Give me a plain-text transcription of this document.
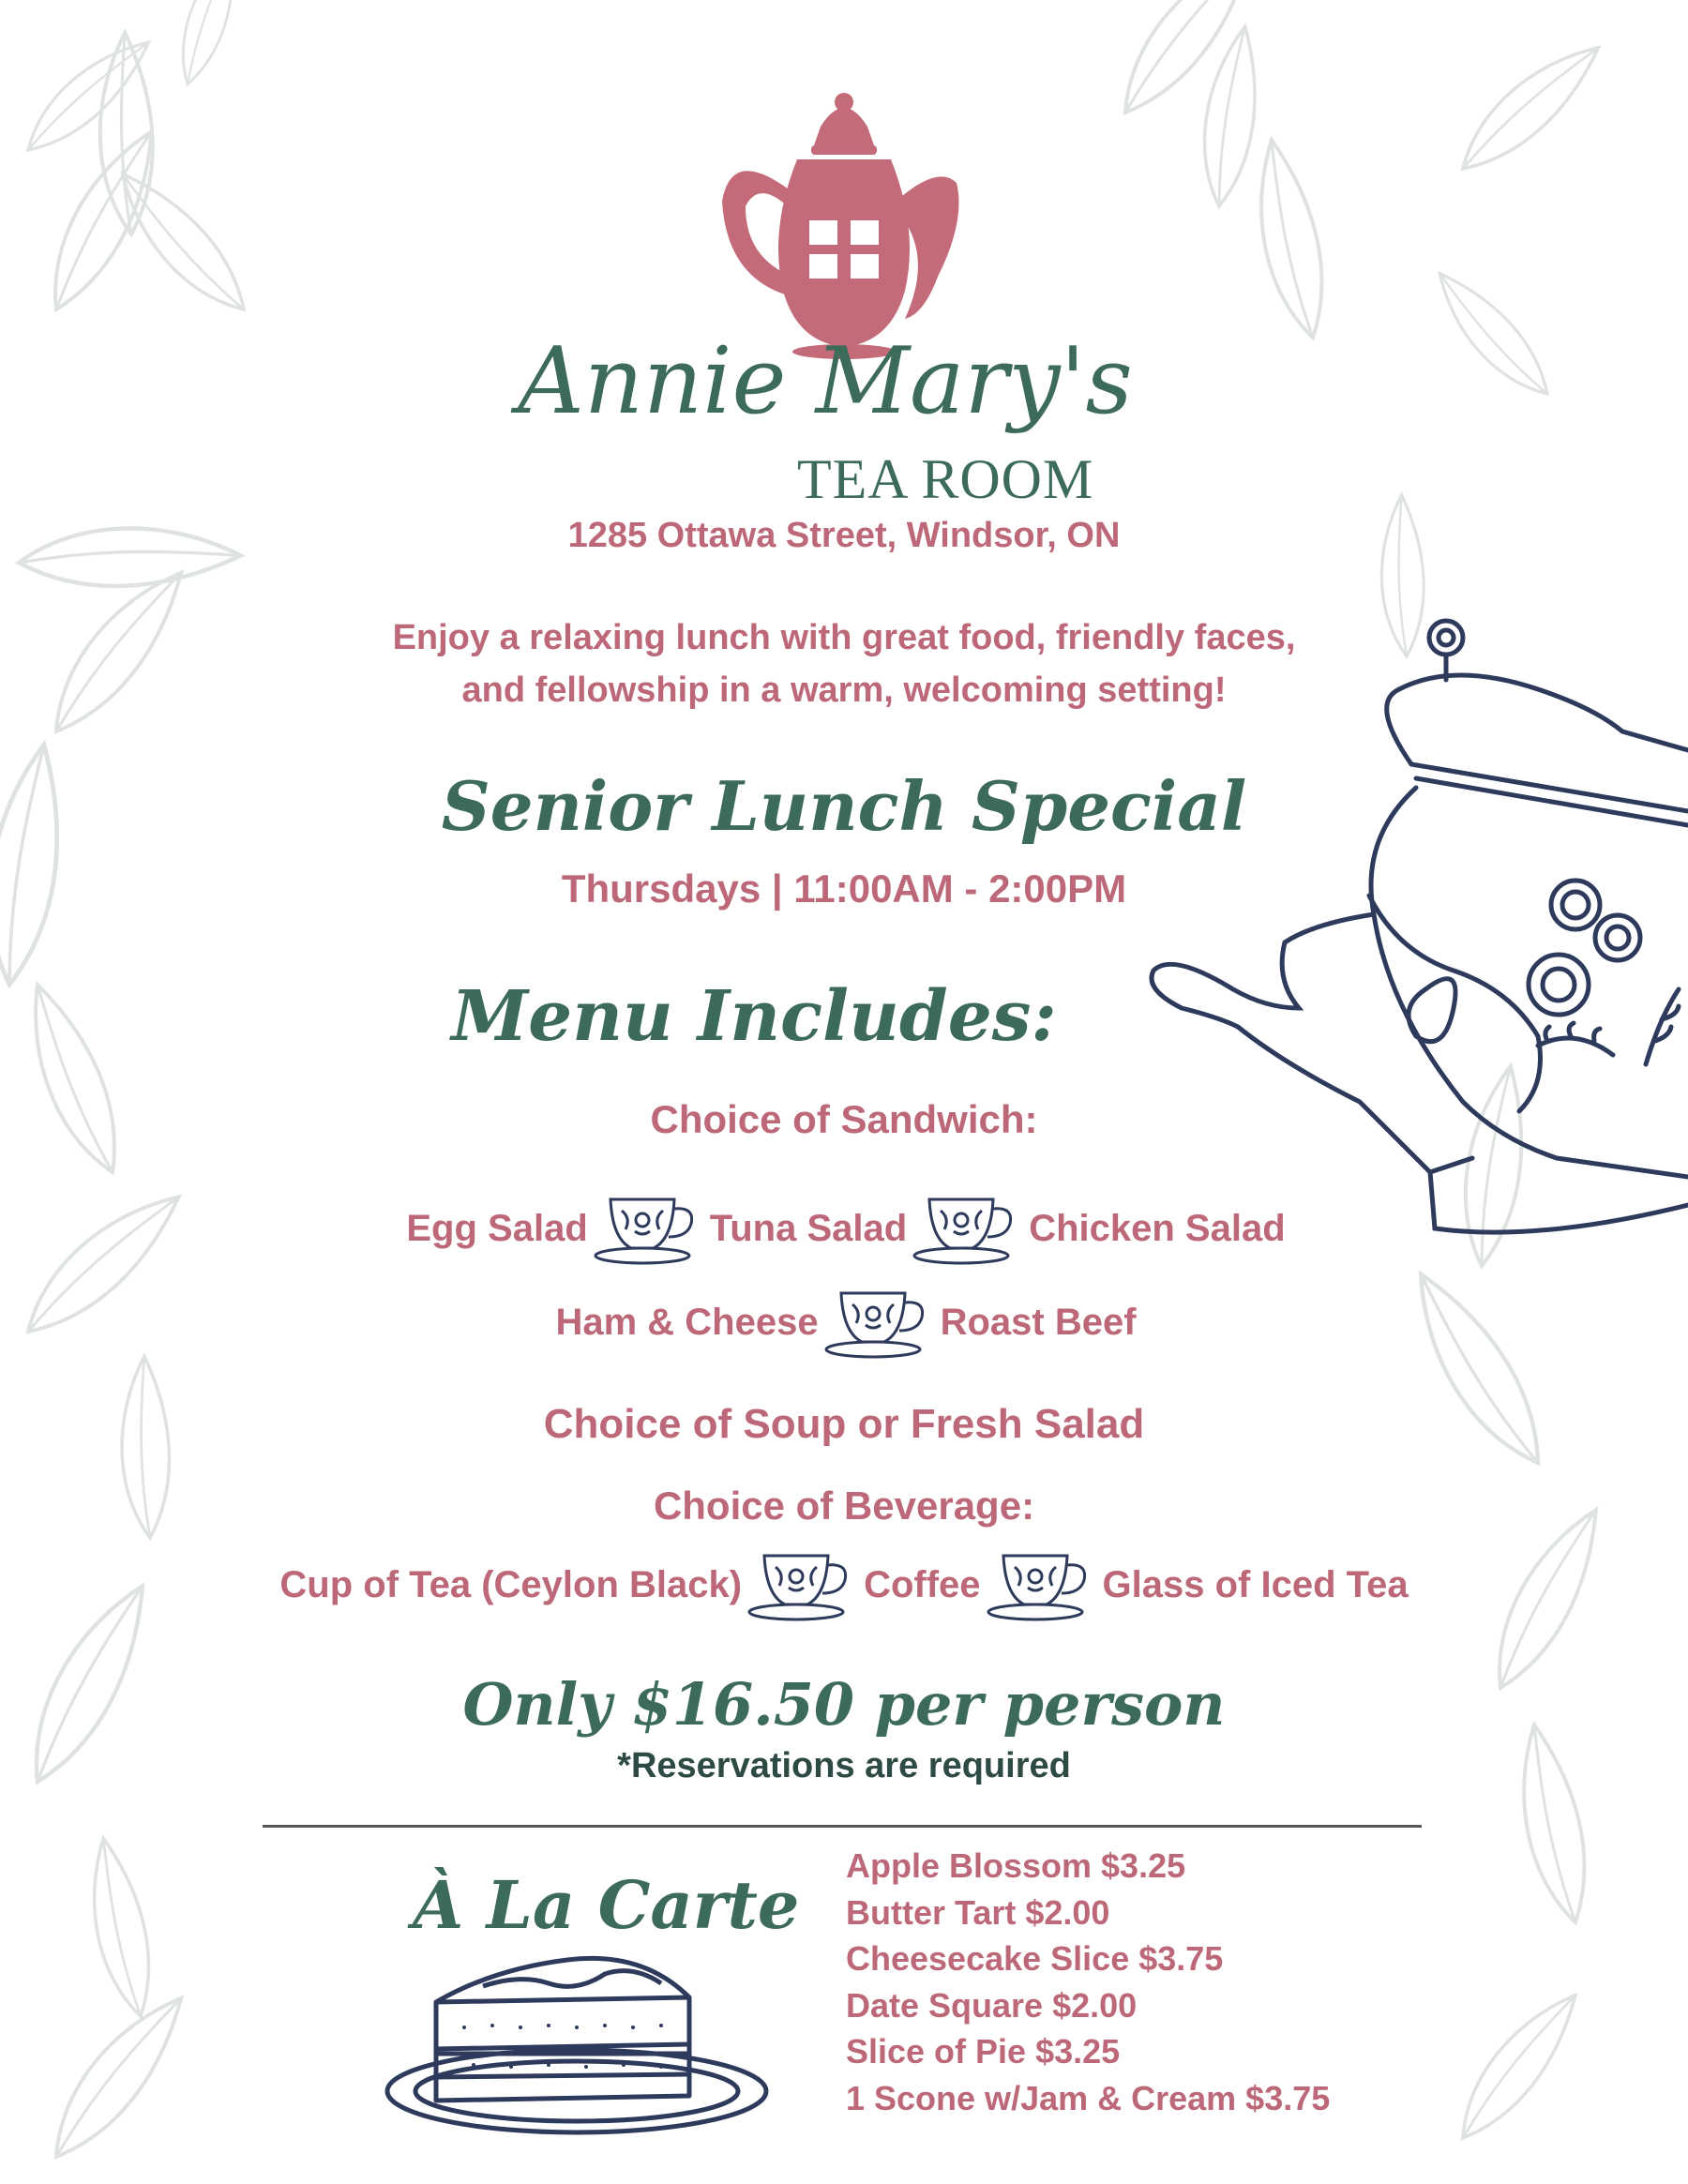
Annie Mary's
TEA ROOM
1285 Ottawa Street, Windsor, ON
Enjoy a relaxing lunch with great food, friendly faces,
and fellowship in a warm, welcoming setting!
Senior Lunch Special
Thursdays | 11:00AM - 2:00PM
Menu Includes:
Choice of Sandwich:
Egg Salad	Tuna Salad	Chicken Salad
Ham & Cheese	Roast Beef
Choice of Soup or Fresh Salad
Choice of Beverage:
Cup of Tea (Ceylon Black)	Coffee	Glass of Iced Tea
Only $16.50 per person
*Reservations are required
À La Carte
Apple Blossom $3.25
Butter Tart $2.00
Cheesecake Slice $3.75
Date Square $2.00
Slice of Pie $3.25
1 Scone w/Jam & Cream $3.75
